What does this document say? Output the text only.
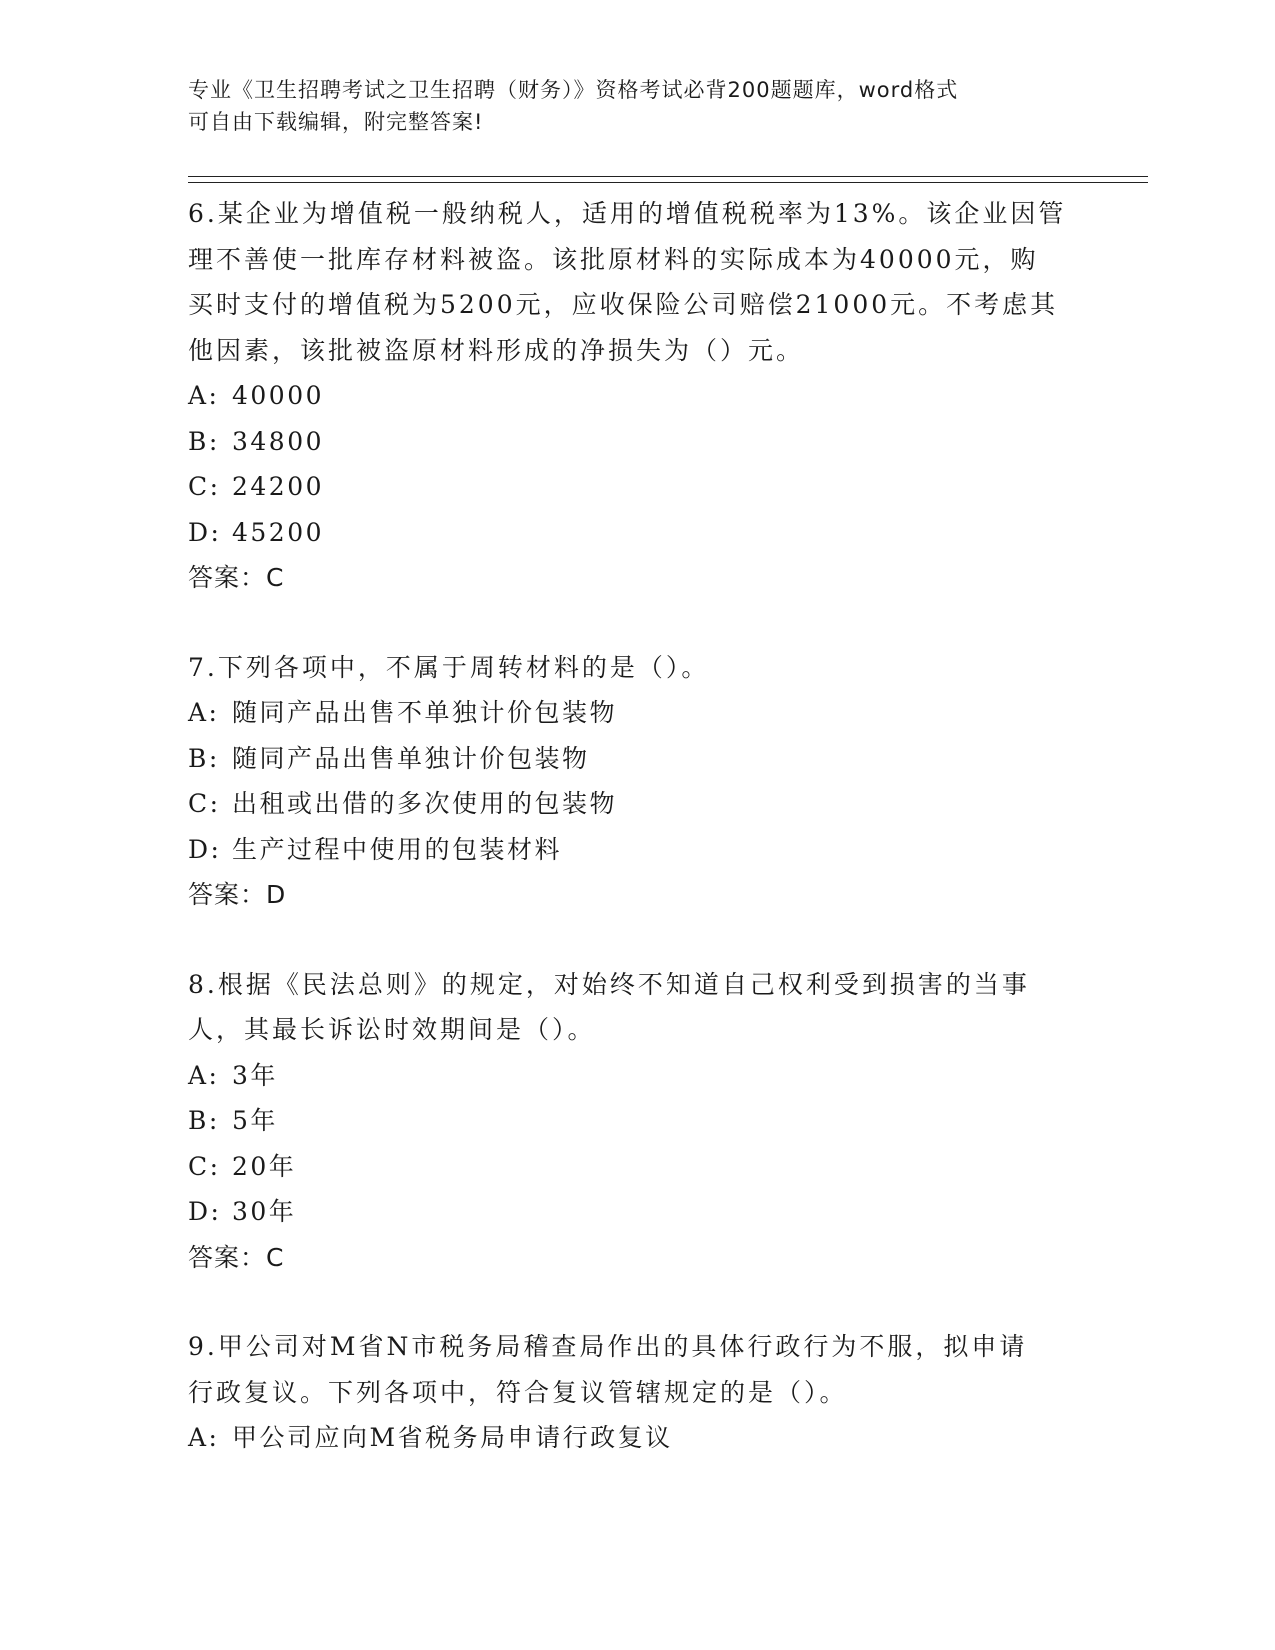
专业《卫生招聘考试之卫生招聘（财务）》资格考试必背200题题库，word格式
可自由下载编辑，附完整答案!

6.某企业为增值税一般纳税人，适用的增值税税率为13%。该企业因管
理不善使一批库存材料被盗。该批原材料的实际成本为40000元，购
买时支付的增值税为5200元，应收保险公司赔偿21000元。不考虑其
他因素，该批被盗原材料形成的净损失为（）元。

A: 40000

B: 34800

C: 24200

D: 45200

答案：C

7.下列各项中，不属于周转材料的是（）。

A: 随同产品出售不单独计价包装物

B: 随同产品出售单独计价包装物

C: 出租或出借的多次使用的包装物

D: 生产过程中使用的包装材料

答案：D

8.根据《民法总则》的规定，对始终不知道自己权利受到损害的当事
人，其最长诉讼时效期间是（）。

A: 3年

B: 5年

C: 20年

D: 30年

答案：C

9.甲公司对M省N市税务局稽查局作出的具体行政行为不服，拟申请
行政复议。下列各项中，符合复议管辖规定的是（）。

A: 甲公司应向M省税务局申请行政复议
